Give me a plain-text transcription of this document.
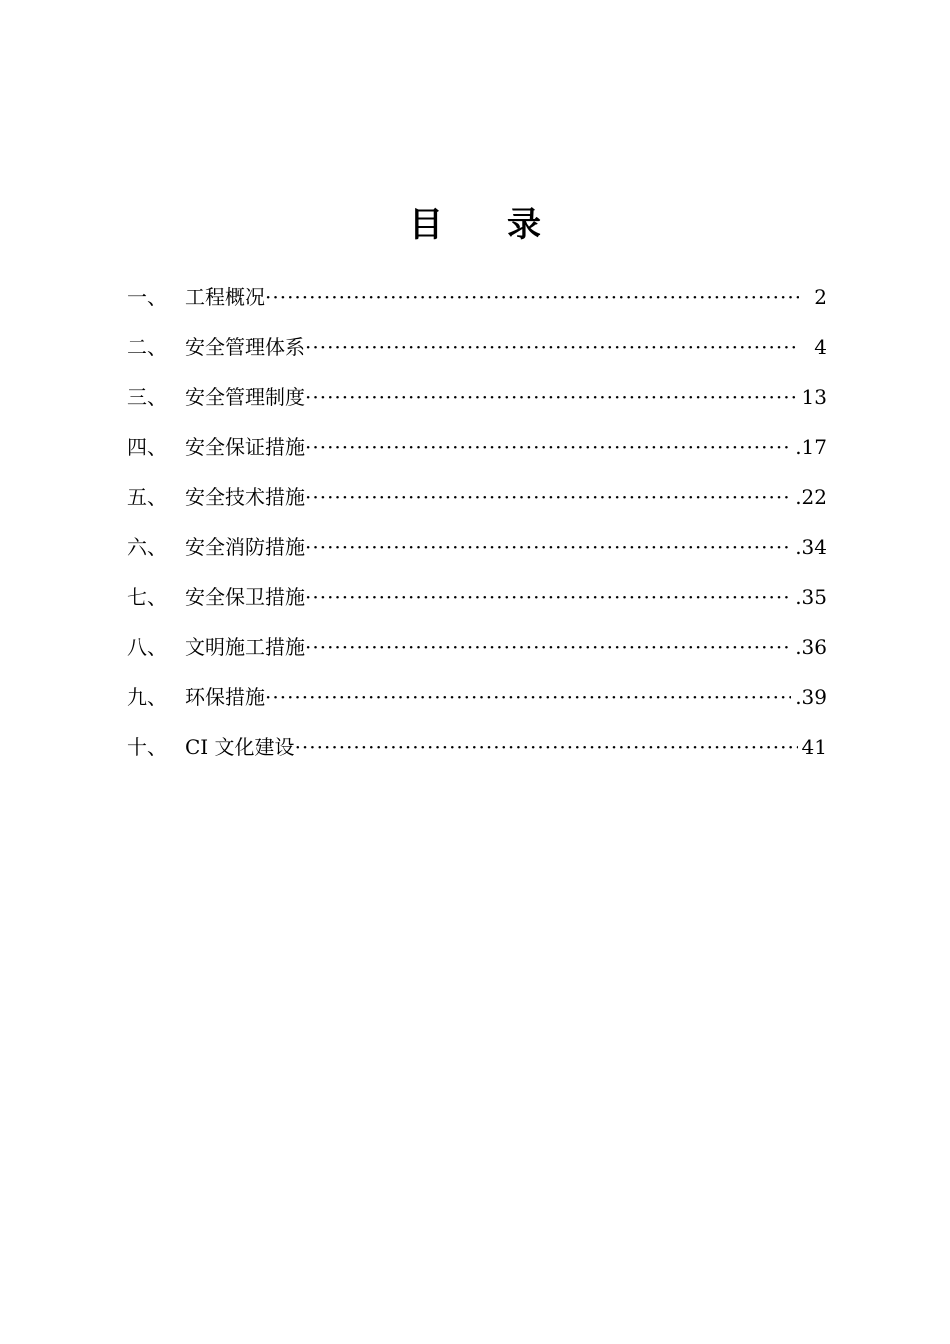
目 录
一、 工程概况 ·····	2
二、 安全管理体系 ·····	4
三、 安全管理制度 ·····	13
四、 安全保证措施 ·····	.17
五、 安全技术措施 ·····	.22
六、 安全消防措施 ·····	.34
七、 安全保卫措施 ·····	.35
八、 文明施工措施 ·····	.36
九、 环保措施 ·····	.39
十、 CI 文化建设 ·····	41
